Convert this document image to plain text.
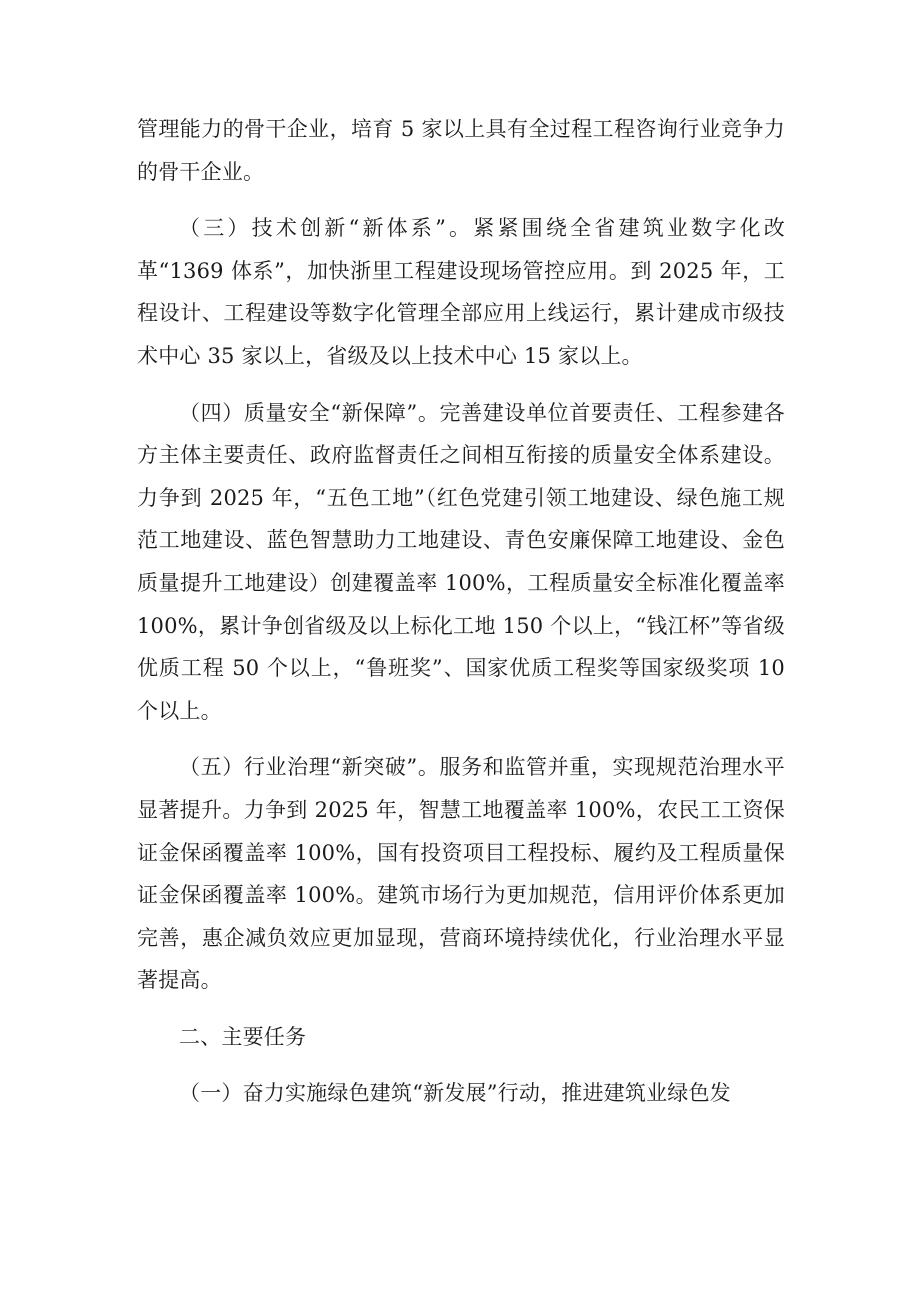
管理能力的骨干企业，培育 5 家以上具有全过程工程咨询行业竞争力的骨干企业。

（三）技术创新“新体系”。紧紧围绕全省建筑业数字化改革“1369 体系”，加快浙里工程建设现场管控应用。到 2025 年，工程设计、工程建设等数字化管理全部应用上线运行，累计建成市级技术中心 35 家以上，省级及以上技术中心 15 家以上。

（四）质量安全“新保障”。完善建设单位首要责任、工程参建各方主体主要责任、政府监督责任之间相互衔接的质量安全体系建设。力争到 2025 年，“五色工地”（红色党建引领工地建设、绿色施工规范工地建设、蓝色智慧助力工地建设、青色安廉保障工地建设、金色质量提升工地建设）创建覆盖率 100%，工程质量安全标准化覆盖率 100%，累计争创省级及以上标化工地 150 个以上，“钱江杯”等省级优质工程 50 个以上，“鲁班奖”、国家优质工程奖等国家级奖项 10 个以上。

（五）行业治理“新突破”。服务和监管并重，实现规范治理水平显著提升。力争到 2025 年，智慧工地覆盖率 100%，农民工工资保证金保函覆盖率 100%，国有投资项目工程投标、履约及工程质量保证金保函覆盖率 100%。建筑市场行为更加规范，信用评价体系更加完善，惠企减负效应更加显现，营商环境持续优化，行业治理水平显著提高。

二、主要任务

（一）奋力实施绿色建筑“新发展”行动，推进建筑业绿色发
